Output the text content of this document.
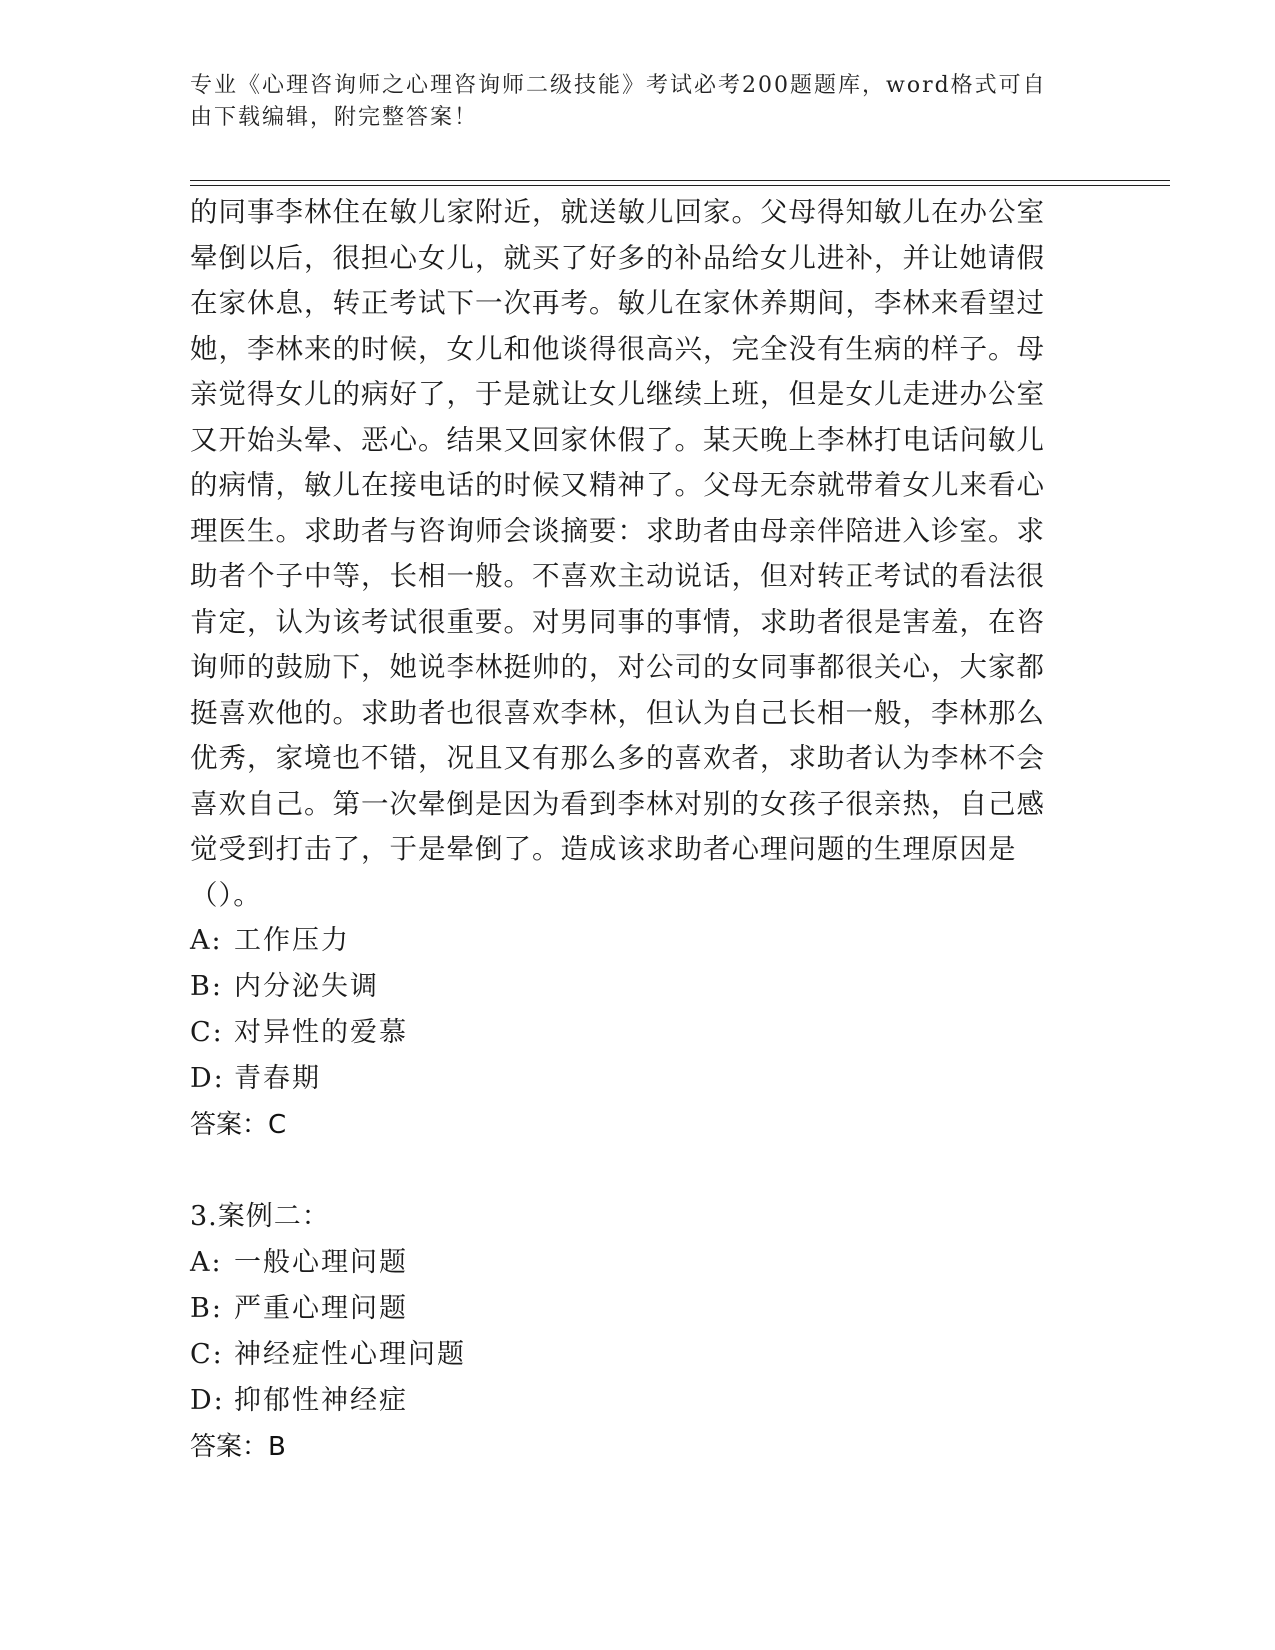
专业《心理咨询师之心理咨询师二级技能》考试必考200题题库，word格式可自由下载编辑，附完整答案！

的同事李林住在敏儿家附近，就送敏儿回家。父母得知敏儿在办公室晕倒以后，很担心女儿，就买了好多的补品给女儿进补，并让她请假在家休息，转正考试下一次再考。敏儿在家休养期间，李林来看望过她，李林来的时候，女儿和他谈得很高兴，完全没有生病的样子。母亲觉得女儿的病好了，于是就让女儿继续上班，但是女儿走进办公室又开始头晕、恶心。结果又回家休假了。某天晚上李林打电话问敏儿的病情，敏儿在接电话的时候又精神了。父母无奈就带着女儿来看心理医生。求助者与咨询师会谈摘要：求助者由母亲伴陪进入诊室。求助者个子中等，长相一般。不喜欢主动说话，但对转正考试的看法很肯定，认为该考试很重要。对男同事的事情，求助者很是害羞，在咨询师的鼓励下，她说李林挺帅的，对公司的女同事都很关心，大家都挺喜欢他的。求助者也很喜欢李林，但认为自己长相一般，李林那么优秀，家境也不错，况且又有那么多的喜欢者，求助者认为李林不会喜欢自己。第一次晕倒是因为看到李林对别的女孩子很亲热，自己感觉受到打击了，于是晕倒了。造成该求助者心理问题的生理原因是（）。

A: 工作压力

B: 内分泌失调

C: 对异性的爱慕

D: 青春期

答案：C

3.案例二：

A: 一般心理问题

B: 严重心理问题

C: 神经症性心理问题

D: 抑郁性神经症

答案：B
